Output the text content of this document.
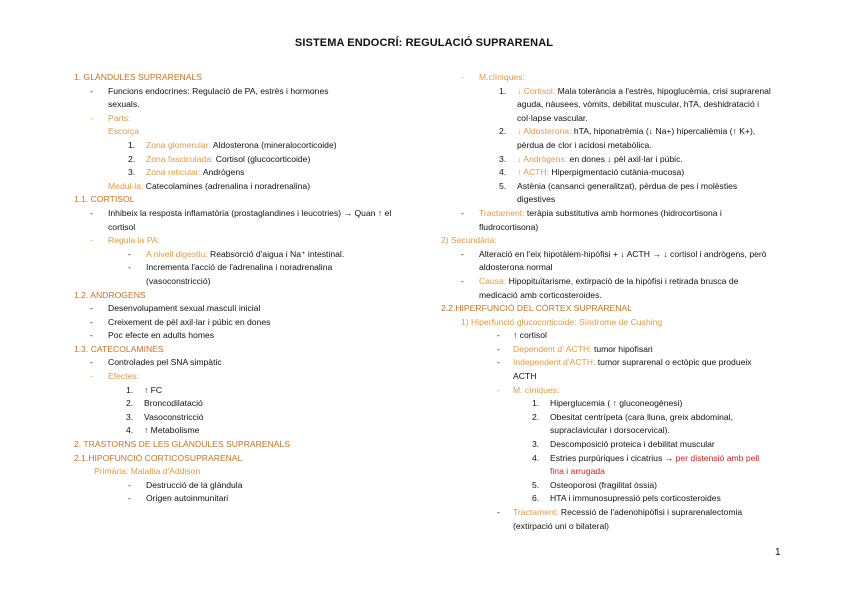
SISTEMA ENDOCRÍ: REGULACIÓ SUPRARENAL
1. GLÀNDULES SUPRARENALS
- Funcions endocrines: Regulació de PA, estrès i hormones sexuals.
- Parts:
Escorça
1. Zona glomerular: Aldosterona (mineralocorticoide)
2. Zona fasciculada: Cortisol (glucocorticoide)
3. Zona reticular: Andrògens
Medul·la: Catecolamines (adrenalina i noradrenalina)
1.1. CORTISOL
- Inhibeix la resposta inflamatòria (prostaglandines i leucotries) → Quan ↑ el cortisol
- Regula la PA:
- A nivell digestiu: Reabsorció d'aigua i Na⁺ intestinal.
- Incrementa l'acció de l'adrenalina i noradrenalina (vasoconstricció)
1.2. ANDROGENS
- Desenvolupament sexual masculí inicial
- Creixement de pèl axil·lar i púbic en dones
- Poc efecte en adults homes
1.3. CATECOLAMINES
- Controlades pel SNA simpàtic
- Efectes:
1. ↑ FC
2. Broncodilatació
3. Vasoconstricció
4. ↑ Metabolisme
2. TRASTORNS DE LES GLÀNDULES SUPRARENALS
2.1.HIPOFUNCIÓ CORTICOSUPRARENAL
Primària: Malaltia d'Addison
- Destrucció de la glàndula
- Origen autoinmunitari
- M.clíniques:
1. ↓ Cortisol: Mala tolerància a l'estrès, hipoglucèmia, crisi suprarenal aguda, nàusees, vòmits, debilitat muscular, hTA, deshidratació i col·lapse vascular.
2. ↓ Aldosterona: hTA, hiponatrèmia (↓ Na+) hipercalièmia (↑ K+), pèrdua de clor i acidosi metabòlica.
3. ↓ Andrògens: en dones ↓ pèl axil·lar i púbic.
4. ↑ ACTH: Hiperpigmentació cutània-mucosa)
5. Astènia (cansanci generalitzat), pèrdua de pes i molèsties digestives
- Tractament: teràpia substitutiva amb hormones (hidrocortisona i fludrocortisona)
2) Secundària:
- Alteració en l'eix hipotàlem-hipòfisi + ↓ ACTH → ↓ cortisol i andrògens, però aldosterona normal
- Causa: Hipopituïtarisme, extirpació de la hipòfisi i retirada brusca de medicació amb corticosteroides.
2.2.HIPERFUNCIÓ DEL CÒRTEX SUPRARENAL
1) Hiperfunció glucocorticoide: Síndrome de Cushing
- ↑ cortisol
- Dependent d' ACTH: tumor hipofisari
- Independent d'ACTH: tumor suprarenal o ectòpic que produeix ACTH
- M. cíniques:
1. Hiperglucemia ( ↑ gluconeogènesi)
2. Obesitat centrípeta (cara lluna, greix abdominal, supraclavicular i dorsocervical).
3. Descomposició proteica i debilitat muscular
4. Estries purpúriques i cicatrius → per distensió amb pell fina i arrugada
5. Osteoporosi (fragilitat òssia)
6. HTA i immunosupressió pels corticosteroides
- Tractament: Recessió de l'adenohipòfisi i suprarenalectomia (extirpació uni o bilateral)
1
